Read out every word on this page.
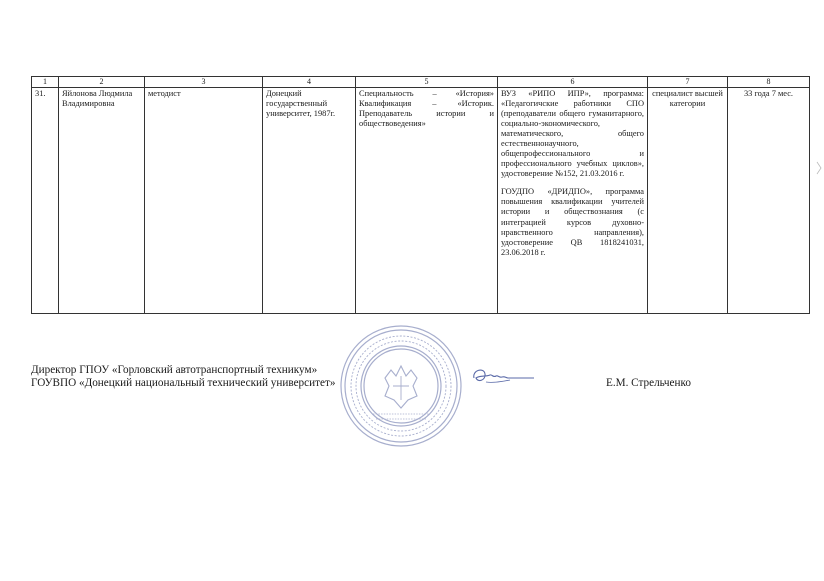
1	2	3	4	5	6	7	8
31.	Яйлонова Людмила Владимировна	методист	Донецкий государственный университет, 1987г.	Специальность – «История» Квалификация – «Историк. Преподаватель истории и обществоведения»	ВУЗ «РИПО ИПР», программа: «Педагогичские работники СПО (преподаватели общего гуманитарного, социально-экономического, математического, общего естественнонаучного, общепрофессионального и профессионального учебных циклов», удостоверение №152, 21.03.2016 г.
ГОУДПО «ДРИДПО», программа повышения квалификации учителей истории и обществознания (с интеграцией курсов духовно-нравственного направления), удостоверение QB 1818241031, 23.06.2018 г.	специалист высшей категории	33 года 7 мес.
Директор ГПОУ «Горловский автотранспортный техникум»
ГОУВПО «Донецкий национальный технический университет»	Е.М. Стрельченко
